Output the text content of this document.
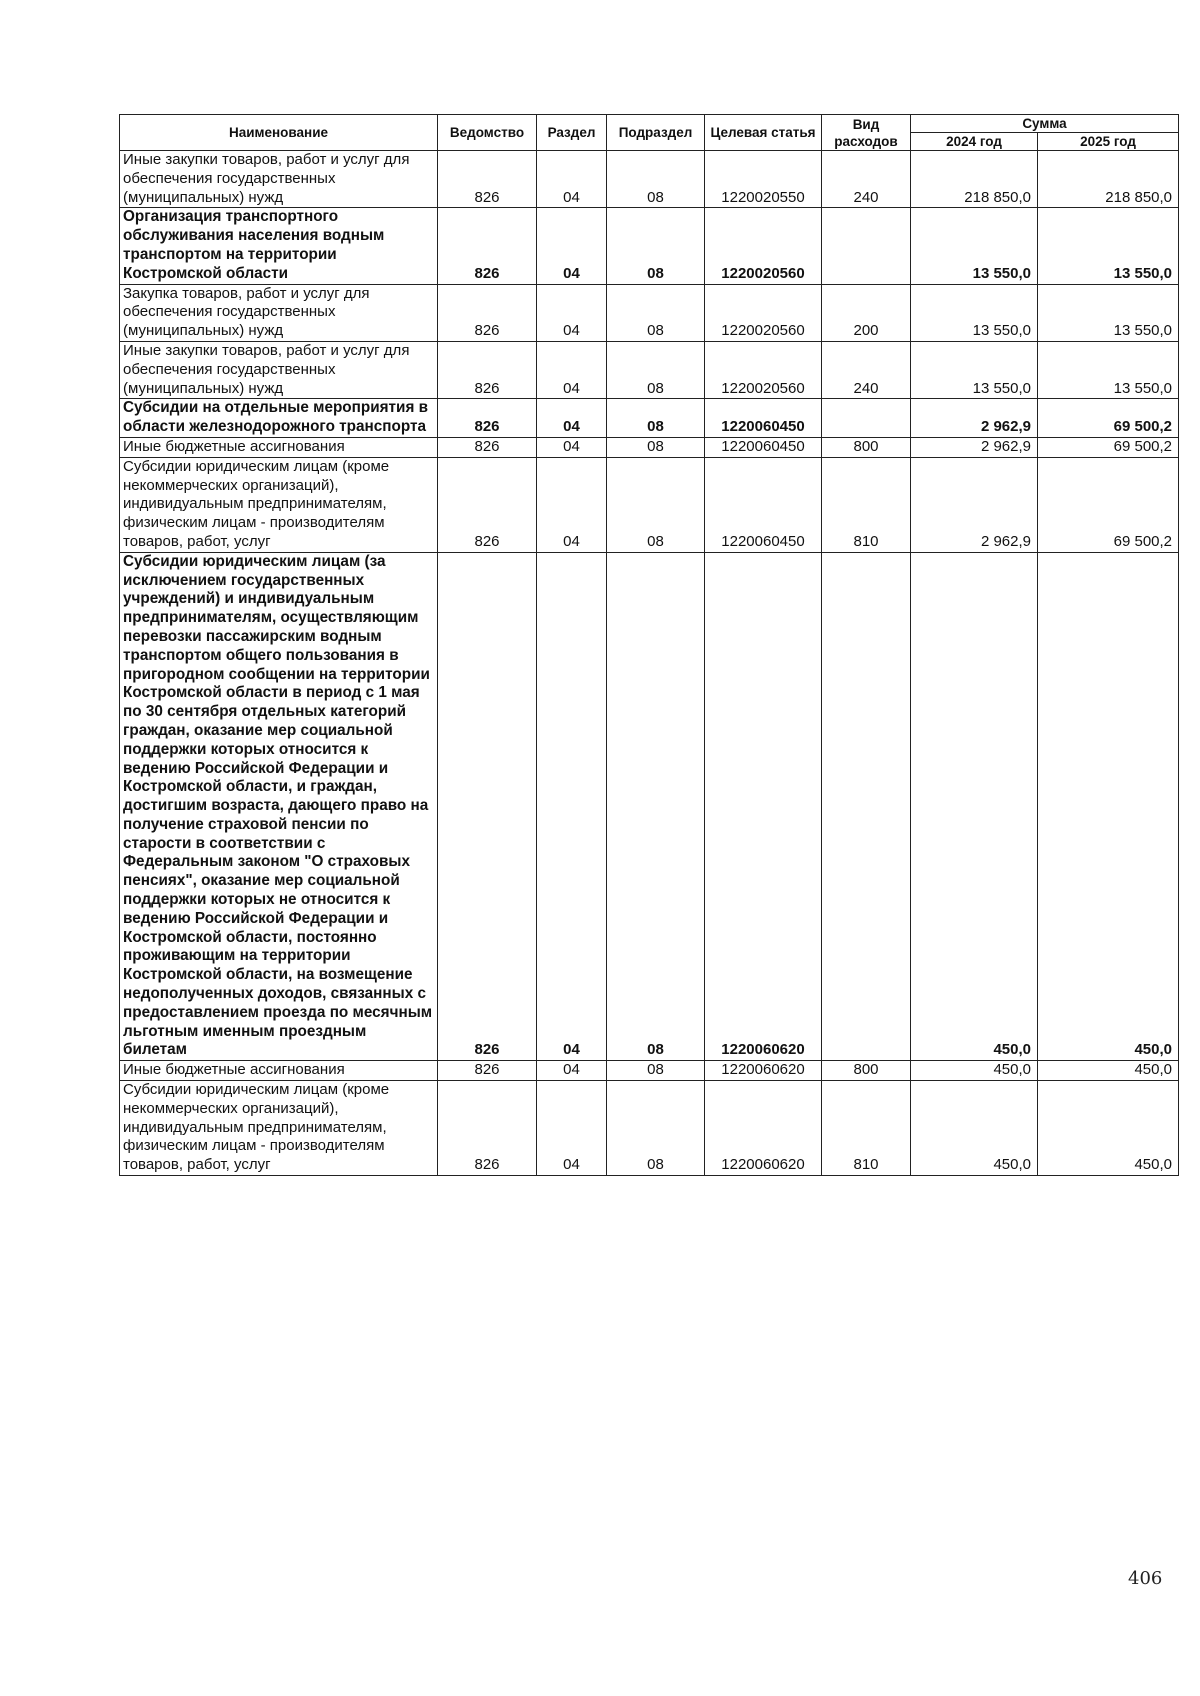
Наименование	Ведомство	Раздел	Подраздел	Целевая статья	Вид расходов	Сумма	
						2024 год	2025 год
Иные закупки товаров, работ и услуг для обеспечения государственных (муниципальных) нужд	826	04	08	1220020550	240	218 850,0	218 850,0
Организация транспортного обслуживания населения водным транспортом на территории Костромской области	826	04	08	1220020560		13 550,0	13 550,0
Закупка товаров, работ и услуг для обеспечения государственных (муниципальных) нужд	826	04	08	1220020560	200	13 550,0	13 550,0
Иные закупки товаров, работ и услуг для обеспечения государственных (муниципальных) нужд	826	04	08	1220020560	240	13 550,0	13 550,0
Субсидии на отдельные мероприятия в области железнодорожного транспорта	826	04	08	1220060450		2 962,9	69 500,2
Иные бюджетные ассигнования	826	04	08	1220060450	800	2 962,9	69 500,2
Субсидии юридическим лицам (кроме некоммерческих организаций), индивидуальным предпринимателям, физическим лицам - производителям товаров, работ, услуг	826	04	08	1220060450	810	2 962,9	69 500,2
Субсидии юридическим лицам (за исключением государственных учреждений) и индивидуальным предпринимателям, осуществляющим перевозки пассажирским водным транспортом общего пользования в пригородном сообщении на территории Костромской области в период с 1 мая по 30 сентября отдельных категорий граждан, оказание мер социальной поддержки которых относится к ведению Российской Федерации и Костромской области, и граждан, достигшим возраста, дающего право на получение страховой пенсии по старости в соответствии с Федеральным законом "О страховых пенсиях", оказание мер социальной поддержки которых не относится к ведению Российской Федерации и Костромской области, постоянно проживающим на территории Костромской области, на возмещение недополученных доходов, связанных с предоставлением проезда по месячным льготным именным проездным билетам	826	04	08	1220060620		450,0	450,0
Иные бюджетные ассигнования	826	04	08	1220060620	800	450,0	450,0
Субсидии юридическим лицам (кроме некоммерческих организаций), индивидуальным предпринимателям, физическим лицам - производителям товаров, работ, услуг	826	04	08	1220060620	810	450,0	450,0
406
